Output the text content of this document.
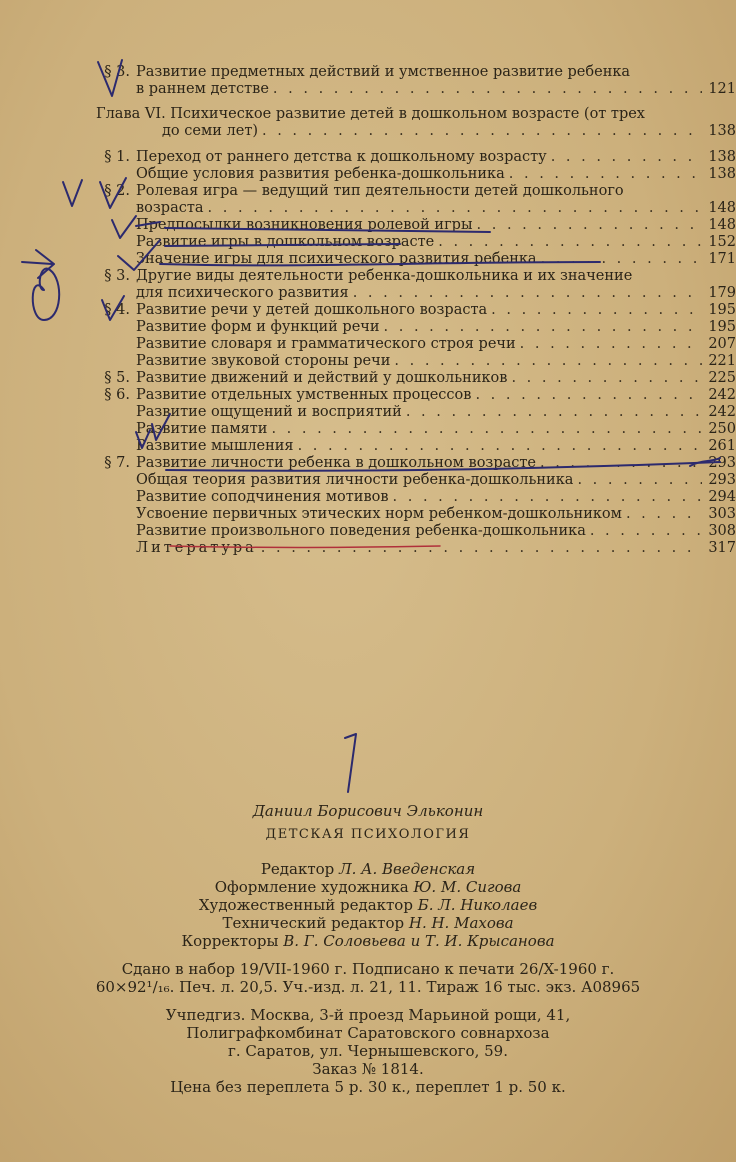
§ 3. Развитие предметных действий и умственное развитие ребенка
в раннем детстве . . .	121
Глава VI. Психическое развитие детей в дошкольном возрасте (от трех
до семи лет) . . .	138
§ 1. Переход от раннего детства к дошкольному возрасту . . .	138
Общие условия развития ребенка-дошкольника . . .	138
§ 2. Ролевая игра — ведущий тип деятельности детей дошкольного
возраста . . .	148
Предпосылки возникновения ролевой игры . . .	148
Развитие игры в дошкольном возрасте . . .	152
Значение игры для психического развития ребенка . . .	171
§ 3. Другие виды деятельности ребенка-дошкольника и их значение
для психического развития . . .	179
§ 4. Развитие речи у детей дошкольного возраста . . .	195
Развитие форм и функций речи . . .	195
Развитие словаря и грамматического строя речи . . .	207
Развитие звуковой стороны речи . . .	221
§ 5. Развитие движений и действий у дошкольников . . .	225
§ 6. Развитие отдельных умственных процессов . . .	242
Развитие ощущений и восприятий . . .	242
Развитие памяти . . .	250
Развитие мышления . . .	261
§ 7. Развитие личности ребенка в дошкольном возрасте . . .	293
Общая теория развития личности ребенка-дошкольника . . .	293
Развитие соподчинения мотивов . . .	294
Усвоение первичных этических норм ребенком-дошкольником . . .	303
Развитие произвольного поведения ребенка-дошкольника . . .	308
Литература . . .	317
Даниил Борисович Эльконин
ДЕТСКАЯ ПСИХОЛОГИЯ
Редактор Л. А. Введенская
Оформление художника Ю. М. Сигова
Художественный редактор Б. Л. Николаев
Технический редактор Н. Н. Махова
Корректоры В. Г. Соловьева и Т. И. Крысанова
Сдано в набор 19/VII-1960 г. Подписано к печати 26/X-1960 г.
60×92¹/₁₆. Печ. л. 20,5. Уч.-изд. л. 21, 11. Тираж 16 тыс. экз. А08965
Учпедгиз. Москва, 3-й проезд Марьиной рощи, 41,
Полиграфкомбинат Саратовского совнархоза
г. Саратов, ул. Чернышевского, 59.
Заказ № 1814.
Цена без переплета 5 р. 30 к., переплет 1 р. 50 к.
